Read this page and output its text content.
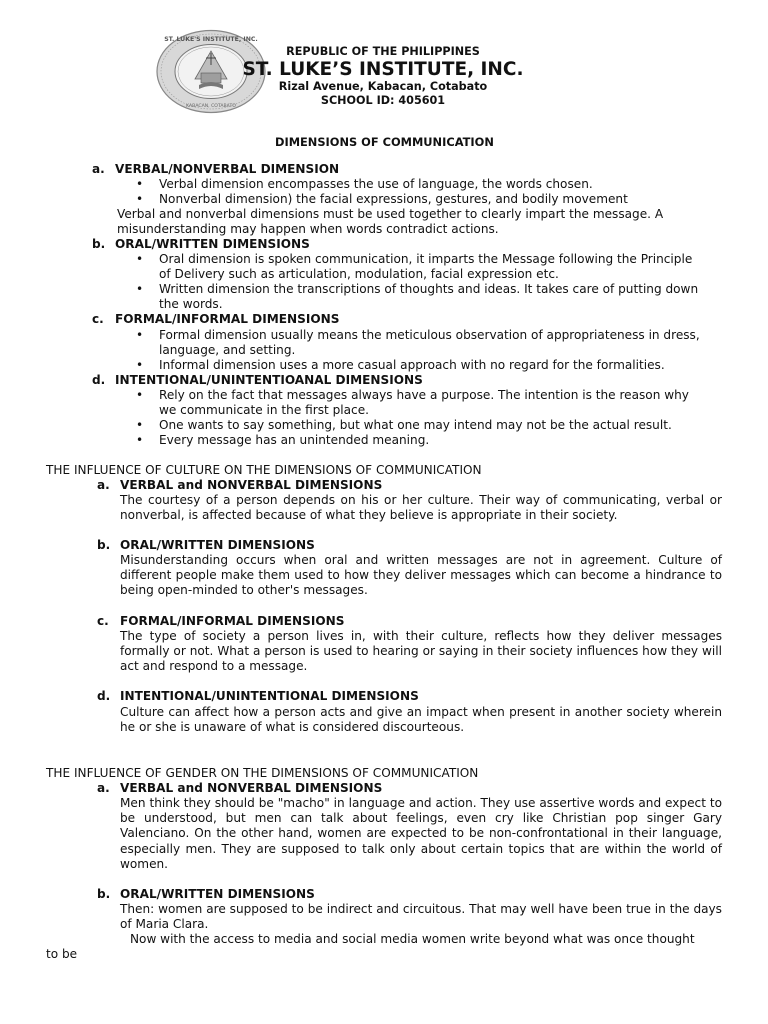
ST. LUKE'S INSTITUTE, INC.
KABACAN, COTABATO
REPUBLIC OF THE PHILIPPINES
ST. LUKE’S INSTITUTE, INC.
Rizal Avenue, Kabacan, Cotabato
SCHOOL ID: 405601
DIMENSIONS OF COMMUNICATION
a. VERBAL/NONVERBAL DIMENSION
• Verbal dimension encompasses the use of language, the words chosen.
• Nonverbal dimension) the facial expressions, gestures, and bodily movement
Verbal and nonverbal dimensions must be used together to clearly impart the message. A
misunderstanding may happen when words contradict actions.
b. ORAL/WRITTEN DIMENSIONS
• Oral dimension is spoken communication, it imparts the Message following the Principle
of Delivery such as articulation, modulation, facial expression etc.
• Written dimension the transcriptions of thoughts and ideas. It takes care of putting down
the words.
c. FORMAL/INFORMAL DIMENSIONS
• Formal dimension usually means the meticulous observation of appropriateness in dress,
language, and setting.
• Informal dimension uses a more casual approach with no regard for the formalities.
d. INTENTIONAL/UNINTENTIOANAL DIMENSIONS
• Rely on the fact that messages always have a purpose. The intention is the reason why
we communicate in the first place.
• One wants to say something, but what one may intend may not be the actual result.
• Every message has an unintended meaning.
THE INFLUENCE OF CULTURE ON THE DIMENSIONS OF COMMUNICATION
a. VERBAL and NONVERBAL DIMENSIONS
The courtesy of a person depends on his or her culture. Their way of communicating, verbal or nonverbal, is affected because of what they believe is appropriate in their society.
b. ORAL/WRITTEN DIMENSIONS
Misunderstanding occurs when oral and written messages are not in agreement. Culture of different people make them used to how they deliver messages which can become a hindrance to being open-minded to other's messages.
c. FORMAL/INFORMAL DIMENSIONS
The type of society a person lives in, with their culture, reflects how they deliver messages formally or not. What a person is used to hearing or saying in their society influences how they will act and respond to a message.
d. INTENTIONAL/UNINTENTIONAL DIMENSIONS
Culture can affect how a person acts and give an impact when present in another society wherein he or she is unaware of what is considered discourteous.
THE INFLUENCE OF GENDER ON THE DIMENSIONS OF COMMUNICATION
a. VERBAL and NONVERBAL DIMENSIONS
Men think they should be "macho" in language and action. They use assertive words and expect to be understood, but men can talk about feelings, even cry like Christian pop singer Gary Valenciano. On the other hand, women are expected to be non-confrontational in their language, especially men. They are supposed to talk only about certain topics that are within the world of women.
b. ORAL/WRITTEN DIMENSIONS
Then: women are supposed to be indirect and circuitous. That may well have been true in the days of Maria Clara.
Now with the access to media and social media women write beyond what was once thought
to be
